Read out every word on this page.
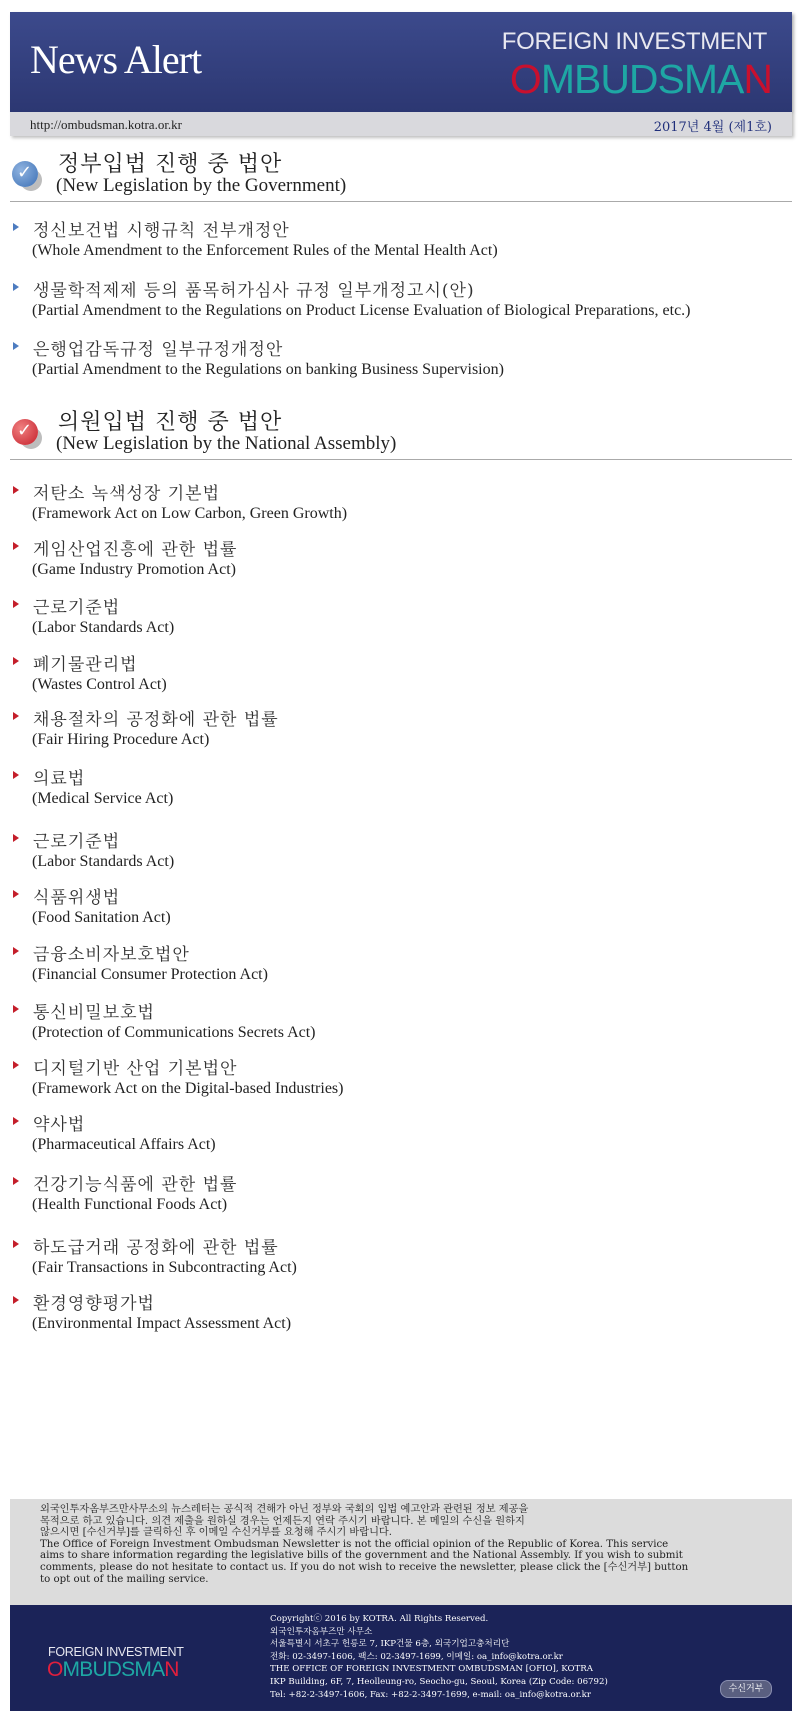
News Alert	FOREIGN INVESTMENT
OMBUDSMAN
http://ombudsman.kotra.or.kr	2017년 4월 (제1호)
✓ 정부입법 진행 중 법안
(New Legislation by the Government)
정신보건법 시행규칙 전부개정안
(Whole Amendment to the Enforcement Rules of the Mental Health Act)
생물학적제제 등의 품목허가심사 규정 일부개정고시(안)
(Partial Amendment to the Regulations on Product License Evaluation of Biological Preparations, etc.)
은행업감독규정 일부규정개정안
(Partial Amendment to the Regulations on banking Business Supervision)
✓ 의원입법 진행 중 법안
(New Legislation by the National Assembly)
저탄소 녹색성장 기본법
(Framework Act on Low Carbon, Green Growth)
게임산업진흥에 관한 법률
(Game Industry Promotion Act)
근로기준법
(Labor Standards Act)
폐기물관리법
(Wastes Control Act)
채용절차의 공정화에 관한 법률
(Fair Hiring Procedure Act)
의료법
(Medical Service Act)
근로기준법
(Labor Standards Act)
식품위생법
(Food Sanitation Act)
금융소비자보호법안
(Financial Consumer Protection Act)
통신비밀보호법
(Protection of Communications Secrets Act)
디지털기반 산업 기본법안
(Framework Act on the Digital-based Industries)
약사법
(Pharmaceutical Affairs Act)
건강기능식품에 관한 법률
(Health Functional Foods Act)
하도급거래 공정화에 관한 법률
(Fair Transactions in Subcontracting Act)
환경영향평가법
(Environmental Impact Assessment Act)

외국인투자옴부즈만사무소의 뉴스레터는 공식적 견해가 아닌 정부와 국회의 입법 예고안과 관련된 정보 제공을

목적으로 하고 있습니다. 의견 제출을 원하실 경우는 언제든지 연락 주시기 바랍니다. 본 메일의 수신을 원하지

않으시면 [수신거부]를 클릭하신 후 이메일 수신거부를 요청해 주시기 바랍니다.

The Office of Foreign Investment Ombudsman Newsletter is not the official opinion of the Republic of Korea. This service

aims to share information regarding the legislative bills of the government and the National Assembly. If you wish to submit

comments, please do not hesitate to contact us. If you do not wish to receive the newsletter, please click the [수신거부] button

to opt out of the mailing service.

FOREIGN INVESTMENT
OMBUDSMAN
Copyrightⓒ 2016 by KOTRA. All Rights Reserved.
외국인투자옴부즈만 사무소
서울특별시 서초구 헌릉로 7, IKP건물 6층, 외국기업고충처리단
전화: 02-3497-1606, 팩스: 02-3497-1699, 이메일: oa_info@kotra.or.kr
THE OFFICE OF FOREIGN INVESTMENT OMBUDSMAN [OFIO], KOTRA
IKP Building, 6F, 7, Heolleung-ro, Seocho-gu, Seoul, Korea (Zip Code: 06792)
Tel: +82-2-3497-1606, Fax: +82-2-3497-1699, e-mail: oa_info@kotra.or.kr
수신거부
